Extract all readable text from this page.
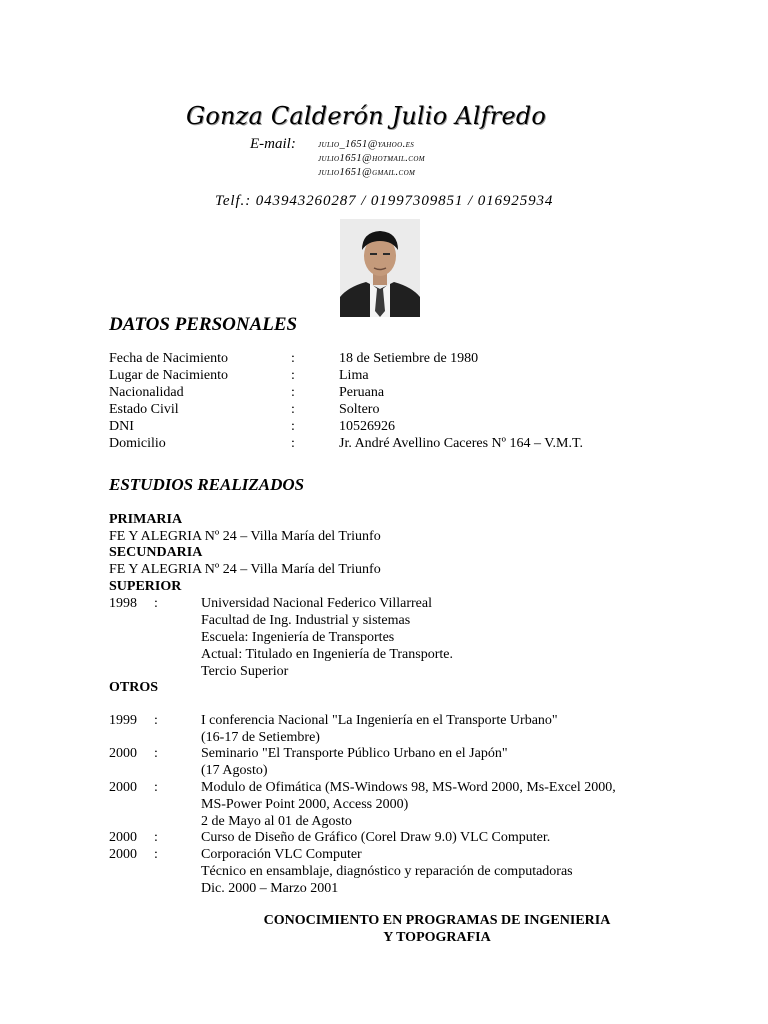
Gonza Calderón Julio Alfredo
E-mail: julio_1651@yahoo.es
julio1651@hotmail.com
julio1651@gmail.com
Telf.: 043943260287 / 01997309851 / 016925934
DATOS PERSONALES
Fecha de Nacimiento	:	18 de Setiembre de 1980
Lugar de Nacimiento	:	Lima
Nacionalidad	:	Peruana
Estado Civil	:	Soltero
DNI	:	10526926
Domicilio	:	Jr. André Avellino Caceres Nº 164 – V.M.T.
ESTUDIOS REALIZADOS
PRIMARIA
FE Y ALEGRIA Nº 24 – Villa María del Triunfo
SECUNDARIA
FE Y ALEGRIA Nº 24 – Villa María del Triunfo
SUPERIOR
1998 :	Universidad Nacional Federico Villarreal
Facultad de Ing. Industrial y sistemas
Escuela: Ingeniería de Transportes
Actual: Titulado en Ingeniería de Transporte.
Tercio Superior
OTROS
1999 :	I conferencia Nacional "La Ingeniería en el Transporte Urbano"
(16-17 de Setiembre)
2000 :	Seminario "El Transporte Público Urbano en el Japón"
(17 Agosto)
2000 :	Modulo de Ofimática (MS-Windows 98, MS-Word 2000, Ms-Excel 2000,
MS-Power Point 2000, Access 2000)
2 de Mayo al 01 de Agosto
2000 :	Curso de Diseño de Gráfico (Corel Draw 9.0) VLC Computer.
2000 :	Corporación VLC Computer
Técnico en ensamblaje, diagnóstico y reparación de computadoras
Dic. 2000 – Marzo 2001
CONOCIMIENTO EN PROGRAMAS DE INGENIERIA
Y TOPOGRAFIA
